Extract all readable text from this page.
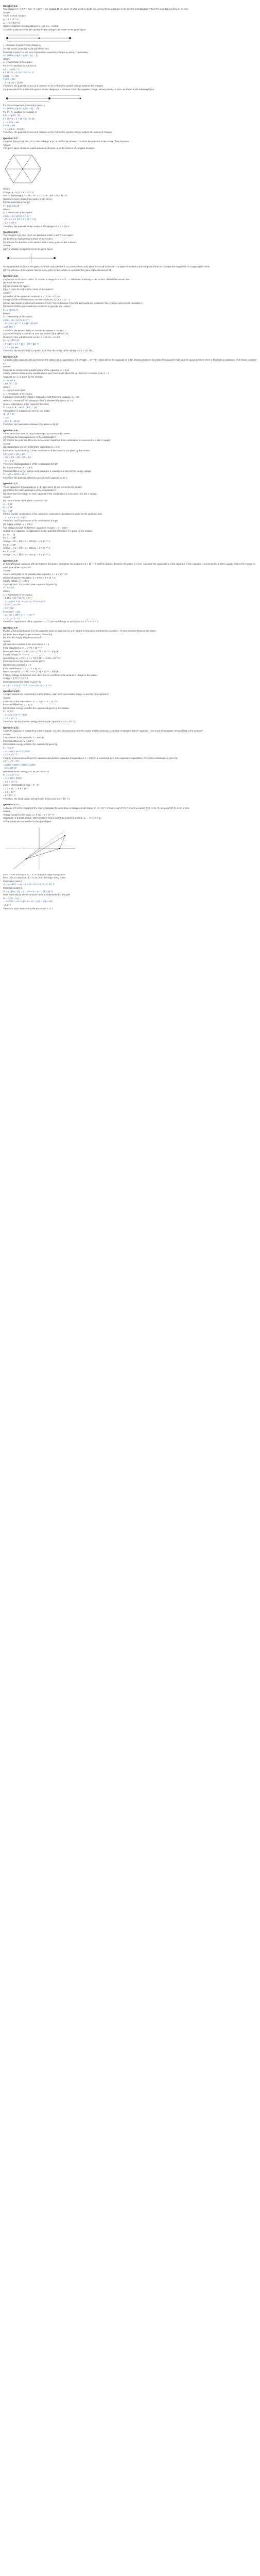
Question 2.1:
Two charges 5 × 10⁻⁸ C and −3 × 10⁻⁸ C are located 16 cm apart. At what point(s) on the line joining the two charges is the electric potential zero? Take the potential at infinity to be zero.
Answer
There are two charges,
q₁ = 5 × 10⁻⁸ C
q₂ = −3 × 10⁻⁸ C
Distance between the two charges, d = 16 cm = 0.16 m
Consider a point P on the line joining the two charges, as shown in the given figure.
r = Distance of point P from charge q₁
Let the electric potential (V) at point P be zero.
Potential at point P is the sum of potentials caused by charges q₁ and q₂ respectively.
V = (1/4πε₀)·(q₁/r + q₂/(d − r)) … (i)
Where,
ε₀ = Permittivity of free space
For V = 0, equation (i) reduces to
q₁/r = −q₂/(d − r)
5 × 10⁻⁸/r = 3 × 10⁻⁸/(0.16 − r)
0.16/r − 1 = 3/5
0.16/r = 8/5
∴ r = 0.1 m = 10 cm
Therefore, the potential is zero at a distance of 10 cm from the positive charge between the charges.
Suppose point P is outside the system of two charges at a distance s from the negative charge, where potential is zero, as shown in the following figure.
For this arrangement, potential is given by,
V = (1/4πε₀)·(q₁/s + q₂/(s − d)) … (ii)
For V = 0, equation (ii) reduces to
q₁/s = −q₂/(s − d)
5 × 10⁻⁸/s = 3 × 10⁻⁸/(s − 0.16)
1 − 0.16/s = 3/5
0.16/s = 2/5
∴ s = 0.4 m = 40 cm
Therefore, the potential is zero at a distance of 40 cm from the positive charge outside the system of charges.
Question 2.2:
A regular hexagon of side 10 cm has a charge 5 μC at each of its vertices. Calculate the potential at the centre of the hexagon.
Answer
The given figure shows six equal amount of charges, q, at the vertices of a regular hexagon.
Where,
Charge, q = 5 μC = 5 × 10⁻⁶ C
Side of the hexagon, l = AB = BC = CD = DE = EF = FA = 10 cm
Distance of each vertex from centre O, d = 10 cm
Electric potential at point O,
V = 6q / (4πε₀d)
Where,
ε₀ = Permittivity of free space
1/4πε₀ = 9 × 10⁹ N C⁻² m⁻²
∴ V = 6 × 9 × 10⁹ × 5 × 10⁻⁶ / 0.1
= 2.7 × 10⁶ V
Therefore, the potential at the centre of the hexagon is 2.7 × 10⁶ V.
Question 2.3:
Two charges 2 μC and −2 μC are placed at points A and B 6 cm apart.
(a) Identify an equipotential surface of the system.
(b) What is the direction of the electric field at every point on this surface?
Answer
(a) The situation is represented in the given figure.
An equipotential surface is the plane on which total potential is zero everywhere. This plane is normal to line AB. The plane is located at the mid-point of line AB because the magnitude of charges is the same.
(b) The direction of the electric field at every point on this surface is normal to the plane in the direction of AB.
Question 2.4:
A spherical conductor of radius 12 cm has a charge of 1.6 × 10⁻⁷ C distributed uniformly on its surface. What is the electric field
(a) Inside the sphere
(b) Just outside the sphere
(c) At a point 18 cm from the centre of the sphere?
Answer
(a) Radius of the spherical conductor, r = 12 cm = 0.12 m
Charge is uniformly distributed over the conductor, q = 1.6 × 10⁻⁷ C
Electric field inside a spherical conductor is zero. This is because if there is field inside the conductor, then charges will move to neutralize it.
(b) Electric field E just outside the conductor is given by the relation,
E = q / (4πε₀r²)
Where,
ε₀ = Permittivity of free space
1/4πε₀ = 9 × 10⁹ N m² C⁻²
∴ E = 1.6 × 10⁻⁷ × 9 × 10⁹ / (0.12)²
= 10⁵ N C⁻¹
Therefore, the electric field just outside the sphere is 10⁵ N C⁻¹.
(c) Electric field at a point 18 m from the centre of the sphere = E₁
Distance of the point from the centre, d = 18 cm = 0.18 m
E₁ = q / (4πε₀d²)
= 9 × 10⁹ × 1.6 × 10⁻⁷ / (18 × 10⁻²)²
= 4.4 × 10⁴ N/C
Therefore, the electric field at a point 18 cm from the centre of the sphere is 4.4 × 10⁴ N/C.
Question 2.5:
A parallel plate capacitor with air between the plates has a capacitance of 8 pF (1pF = 10⁻¹² F). What will be the capacitance if the distance between the plates is reduced by half, and the space between them is filled with a substance of dielectric constant 6?
Answer
Capacitance between the parallel plates of the capacitor, C = 8 pF
Initially, distance between the parallel plates was d and it was filled with air. Dielectric constant of air, k = 1
Capacitance, C, is given by the formula,
C = kε₀A / d
= ε₀A / d … (i)
Where,
A = Area of each plate
ε₀ = Permittivity of free space
If distance between the plates is reduced to half, then new distance, d₁ = d/2
Dielectric constant of the substance filled in between the plates, k₁ = 6
Hence, capacitance of the capacitor becomes
C' = k₁ε₀A / d₁ = 6ε₀A / (d/2) … (ii)
Taking ratios of equations (i) and (ii), we obtain
C' = 2 × 6C
= 12C
= 12 × 8 = 96 pF
Therefore, the capacitance between the plates is 96 pF.
Question 2.6:
Three capacitors each of capacitance 9 pF are connected in series.
(a) What is the total capacitance of the combination?
(b) What is the potential difference across each capacitor if the combination is connected to a 120 V supply?
Answer
(a) Capacitance of each of the three capacitors, C = 9 pF
Equivalent capacitance (C') of the combination of the capacitors is given by the relation,
1/C' = 1/C + 1/C + 1/C
= 1/9 + 1/9 + 1/9 = 3/9 = 1/3
∴ C' = 3 μF
Therefore, total capacitance of the combination is 3 pF.
(b) Supply voltage, V = 100 V
Potential difference (V') across each capacitor is equal to one-third of the supply voltage.
V' = V/3 = 120/3 = 40 V
Therefore, the potential difference across each capacitor is 40 V.
Question 2.7:
Three capacitors of capacitances 2 pF, 3 pF and 4 pF are connected in parallel.
(a) What is the total capacitance of the combination?
(b) Determine the charge on each capacitor if the combination is connected to a 100 V supply.
Answer
(a) Capacitances of the given capacitors are
C₁ = 2 pF
C₂ = 3 pF
C₃ = 4 pF
For the parallel combination of the capacitors, equivalent capacitor C' is given by the algebraic sum,
∴ C' = 2 + 3 + 4 = 9 pF
Therefore, total capacitance of the combination is 9 pF.
(b) Supply voltage, V = 100 V
The voltage through all the three capacitors is same = V = 100 V
Charge on a capacitor of capacitance C and potential difference V is given by the relation,
q = VC …(i)
For C = 2 pF,
Charge = VC = 100 × 2 = 200 pC = 2 × 10⁻¹⁰ C
For C = 3 pF,
Charge = VC = 100 × 3 = 300 pC = 3 × 10⁻¹⁰ C
For C = 4 pF,
Charge = VC = 100 × 4 = 200 pC = 4 × 10⁻¹⁰ C
Question 2.8:
In a parallel plate capacitor with air between the plates, each plate has an area of 6 × 10⁻³ m² and the distance between the plates is 3 mm. Calculate the capacitance of the capacitor. If this capacitor is connected to a 100 V supply, what is the charge on each plate of the capacitor?
Answer
Area of each plate of the parallel plate capacitor, A = 6 × 10⁻³ m²
Distance between the plates, d = 3 mm = 3 × 10⁻³ m
Supply voltage, V = 100 V
Capacitance C of a parallel plate capacitor is given by,
C = ε₀A / d
Where,
ε₀ = Permittivity of free space
= 8.854 × 10⁻¹² N⁻¹ m⁻² C⁻²
∴ C = 8.854 × 10⁻¹² × 6 × 10⁻³ / (3 × 10⁻³)
= 17.71 × 10⁻¹² F
= 17.71 pF
Potential V = q/C
∴ q = VC = 100 × 17.71 × 10⁻¹²
= 1.771 × 10⁻⁹ C
Therefore, capacitance of the capacitor is 17.71 pF and charge on each plate is 1.771 × 10⁻⁹ C.
Question 2.9:
Explain what would happen if in the capacitor given in Exercise 2.8, a 3 mm thick mica sheet (of dielectric constant = 6) were inserted between the plates,
(a) While the voltage supply remained connected.
(b) After the supply was disconnected.
Answer
(a) Dielectric constant of the mica sheet, k = 6
Initial capacitance, C = 1.771 × 10⁻¹¹ F
New capacitance, C' = kC = 6 × 1.771 × 10⁻¹¹ = 106 pF
Supply voltage, V = 100 V
New charge, q' = C'V = 6 × 1.771 × 10⁻⁹ = 1.06 × 10⁻⁸ C
Potential across the plates remains 100 V.
(b) Dielectric constant, k = 6
Initial capacitance, C = 1.771 × 10⁻¹¹ F
New capacitance, C' = kC = 6 × 1.771 × 10⁻¹¹ = 106 pF
If supply voltage is removed, then there will be no effect on the amount of charge in the plates.
Charge = 1.771 × 10⁻⁹ C
Potential across the plates is given by,
V' = q/C' = 1.771 × 10⁻⁹ / (106 × 10⁻¹²) = 16.7 V
Question 2.10:
A 12 pF capacitor is connected to a 50V battery. How much electrostatic energy is stored in the capacitor?
Answer
Capacitor of the capacitance, C = 12 pF = 12 × 10⁻¹² F
Potential difference, V = 50 V
Electrostatic energy stored in the capacitor is given by the relation,
E = ½ CV²
= ½ × 12 × 10⁻¹² × (50)²
= 1.5 × 10⁻⁸ J
Therefore, the electrostatic energy stored in the capacitor is 1.5 × 10⁻⁸ J.
Question 2.11:
A 600 pF capacitor is charged by a 200 V supply. It is then disconnected from the supply and is connected to another uncharged 600 pF capacitor. How much electrostatic energy is lost in the process?
Answer
Capacitance of the capacitor, C = 600 pF
Potential difference, V = 200 V
Electrostatic energy stored in the capacitor is given by,
E = ½ CV²
= ½ × 600 × 10⁻¹² × (200)²
= 1.2 × 10⁻⁵ J
If supply is disconnected from the capacitor and another capacitor of capacitance C = 600 pF is connected to it, then equivalent capacitance (C') of the combination is given by,
1/C' = 1/C + 1/C
= 1/600 + 1/600 = 2/600 = 1/300
∴ C' = 300 pF
New electrostatic energy can be calculated as
E' = ½ × C' × V²
= ½ × 300 × (200)²
= 0.6 × 10⁻⁵ J
Loss in electrostatic energy = E − E'
= 1.2 × 10⁻⁵ − 0.6 × 10⁻⁵
= 0.6 × 10⁻⁵
= 6 × 10⁻⁶ J
Therefore, the electrostatic energy lost in the process is 6 × 10⁻⁶ J.
Question 2.12:
A charge of 8 mC is located at the origin. Calculate the work done in taking a small charge of −2 × 10⁻⁹ C from a point P (0, 0, 3 cm) to a point Q (0, 4 cm, 0), via a point R (0, 6 cm, 9 cm).
Answer
Charge located at the origin, q = 8 mC = 8 × 10⁻³ C
Magnitude of a small charge, which is taken from a point P to point R to point Q, q₁ = −2 × 10⁻⁹ C
All the points are represented in the given figure.
Point P is at a distance, d₁ = 3 cm, from the origin along z-axis.
Point Q is at a distance, d₂ = 4 cm, from the origin along y-axis.
Potential at point P,
V₁ = q / (4πε₀ × d₁) = 9 × 10⁹ × 8 × 10⁻³ / (3 × 10⁻²)
Potential at point Q,
V₂ = q / (4πε₀ d₂) = 9 × 10⁹ × 8 × 10⁻³ / (4 × 10⁻²)
Work done (W) by the electrostatic force is independent of the path.
W = q₁[V₂ − V₁]
= −2 × 10⁻⁹ × 9 × 10⁹ × 8 × 10⁻³ (1/4 − 1/3) × 10²
= 1.27 J
Therefore, work done during the process is 1.27 J.
